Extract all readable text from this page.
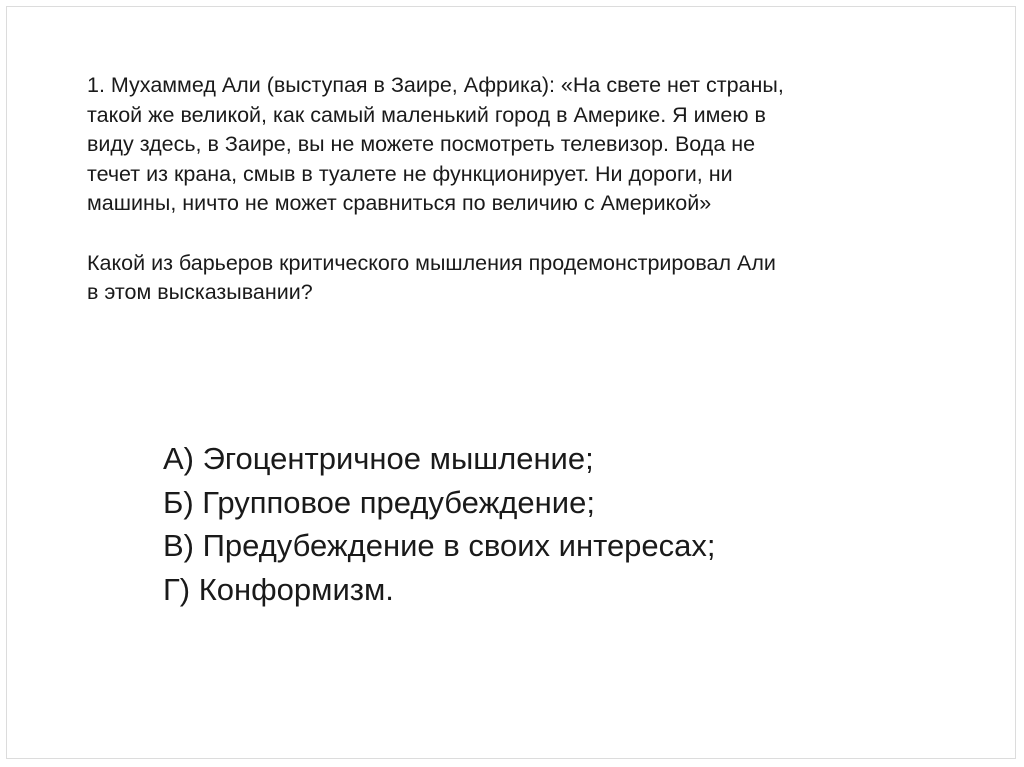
1. Мухаммед Али (выступая в Заире, Африка): «На свете нет страны,
такой же великой, как самый маленький город в Америке. Я имею в
виду здесь, в Заире, вы не можете посмотреть телевизор. Вода не
течет из крана, смыв в туалете не функционирует. Ни дороги, ни
машины, ничто не может сравниться по величию с Америкой»
Какой из барьеров критического мышления продемонстрировал Али
в этом высказывании?
А) Эгоцентричное мышление;
Б) Групповое предубеждение;
В) Предубеждение в своих интересах;
Г) Конформизм.
